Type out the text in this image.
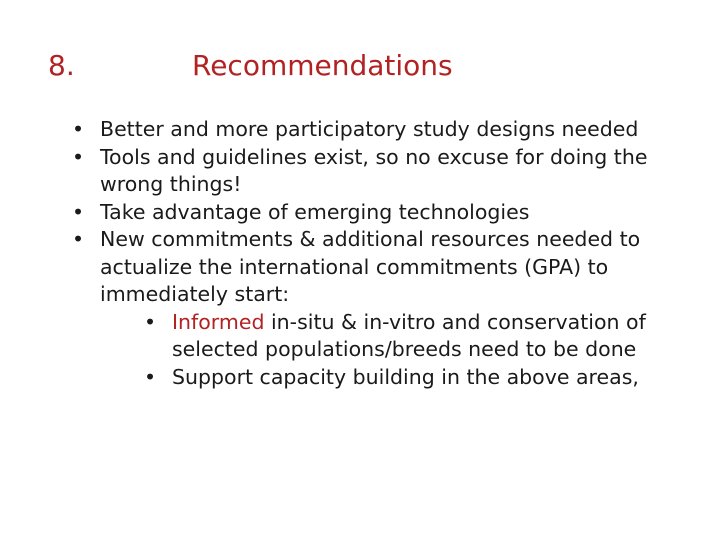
8.	Recommendations
• Better and more participatory study designs needed
• Tools and guidelines exist, so no excuse for doing the wrong things!
• Take advantage of emerging technologies
• New commitments & additional resources needed to actualize the international commitments (GPA) to immediately start:
• Informed in-situ & in-vitro and conservation of selected populations/breeds need to be done
• Support capacity building in the above areas,
